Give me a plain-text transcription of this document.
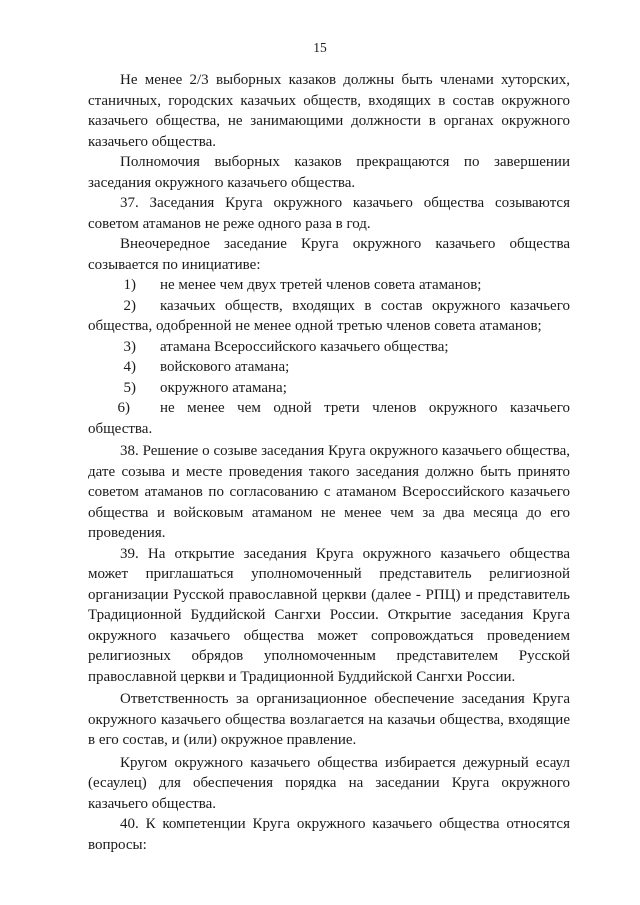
15

Не менее 2/3 выборных казаков должны быть членами хуторских, станичных, городских казачьих обществ, входящих в состав окружного казачьего общества, не занимающими должности в органах окружного казачьего общества.

Полномочия выборных казаков прекращаются по завершении заседания окружного казачьего общества.

37. Заседания Круга окружного казачьего общества созываются советом атаманов не реже одного раза в год.

Внеочередное заседание Круга окружного казачьего общества созывается по инициативе:

1) не менее чем двух третей членов совета атаманов;

2) казачьих обществ, входящих в состав окружного казачьего общества, одобренной не менее одной третью членов совета атаманов;

3) атамана Всероссийского казачьего общества;

4) войскового атамана;

5) окружного атамана;

6) не менее чем одной трети членов окружного казачьего общества.

38. Решение о созыве заседания Круга окружного казачьего общества, дате созыва и месте проведения такого заседания должно быть принято советом атаманов по согласованию с атаманом Всероссийского казачьего общества и войсковым атаманом не менее чем за два месяца до его проведения.

39. На открытие заседания Круга окружного казачьего общества может приглашаться уполномоченный представитель религиозной организации Русской православной церкви (далее - РПЦ) и представитель Традиционной Буддийской Сангхи России. Открытие заседания Круга окружного казачьего общества может сопровождаться проведением религиозных обрядов уполномоченным представителем Русской православной церкви и Традиционной Буддийской Сангхи России.

Ответственность за организационное обеспечение заседания Круга окружного казачьего общества возлагается на казачьи общества, входящие в его состав, и (или) окружное правление.

Кругом окружного казачьего общества избирается дежурный есаул (есаулец) для обеспечения порядка на заседании Круга окружного казачьего общества.

40. К компетенции Круга окружного казачьего общества относятся вопросы:
